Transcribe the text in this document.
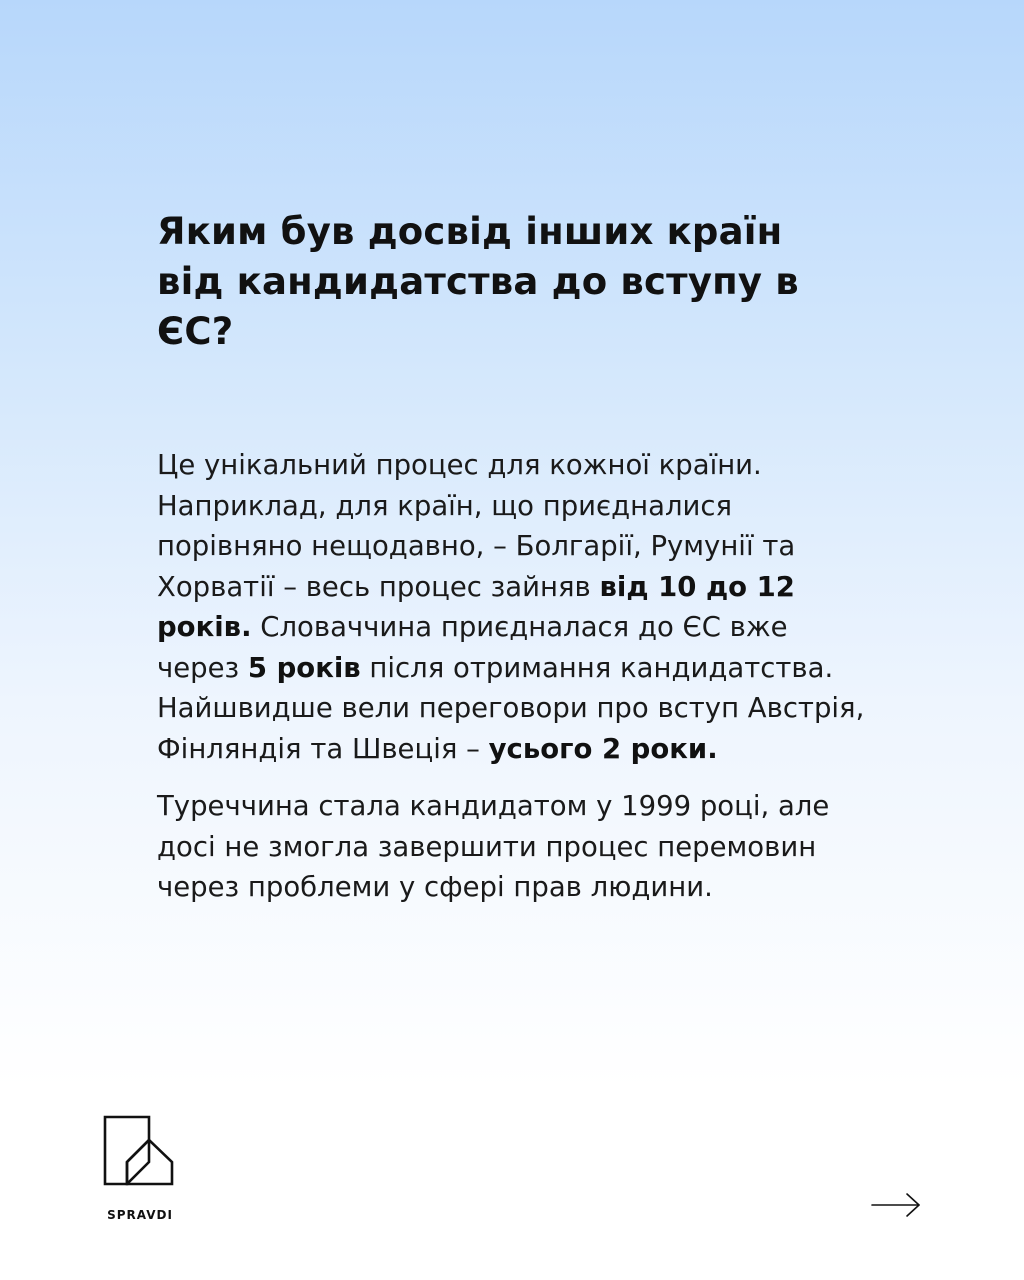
Яким був досвід інших країн
від кандидатства до вступу в
ЄС?

Це унікальний процес для кожної країни. Наприклад, для країн, що приєдналися порівняно нещодавно, – Болгарії, Румунії та Хорватії – весь процес зайняв від 10 до 12 років. Словаччина приєдналася до ЄС вже через 5 років після отримання кандидатства. Найшвидше вели переговори про вступ Австрія, Фінляндія та Швеція – усього 2 роки.

Туреччина стала кандидатом у 1999 році, але досі не змогла завершити процес перемовин через проблеми у сфері прав людини.

SPRAVDI
